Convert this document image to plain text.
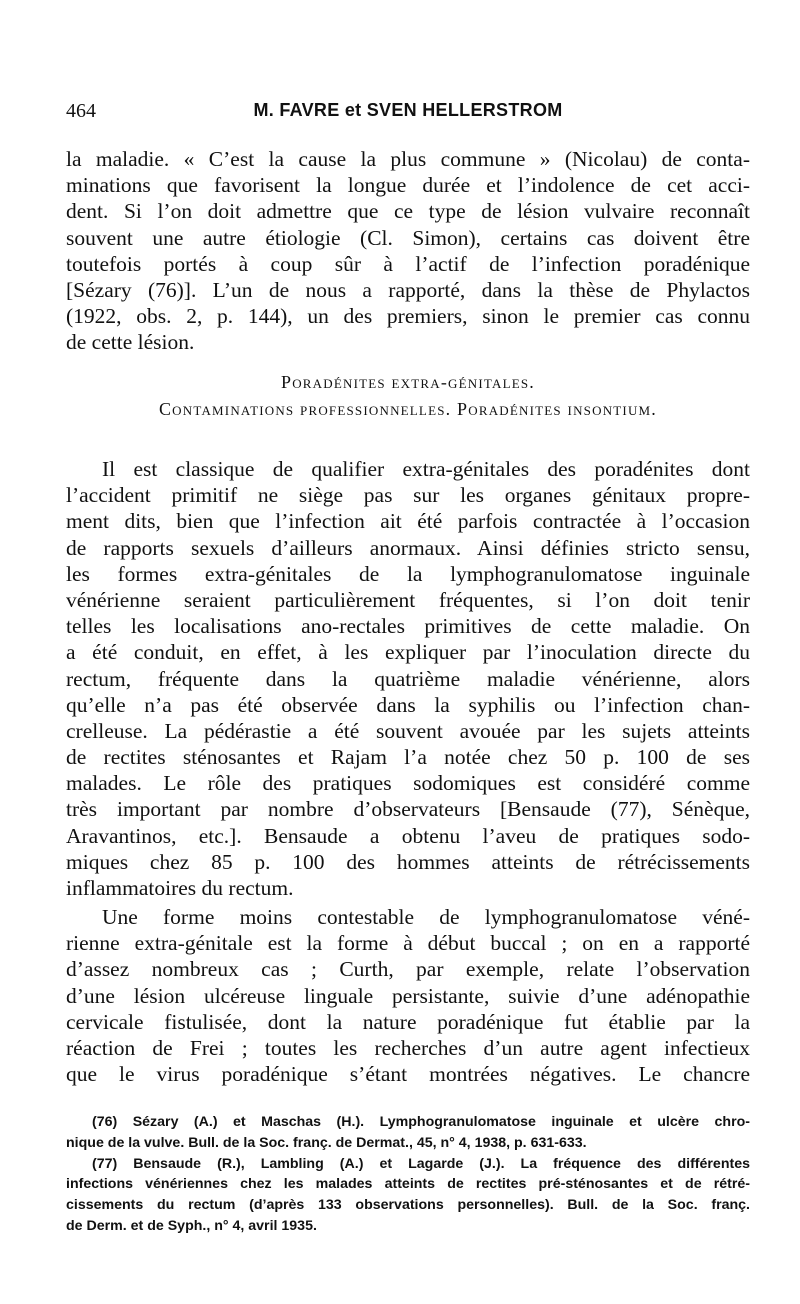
464	M. FAVRE et SVEN HELLERSTROM
la maladie. « C’est la cause la plus commune » (Nicolau) de conta-
minations que favorisent la longue durée et l’indolence de cet acci-
dent. Si l’on doit admettre que ce type de lésion vulvaire reconnaît
souvent une autre étiologie (Cl. Simon), certains cas doivent être
toutefois portés à coup sûr à l’actif de l’infection poradénique
[Sézary (76)]. L’un de nous a rapporté, dans la thèse de Phylactos
(1922, obs. 2, p. 144), un des premiers, sinon le premier cas connu
de cette lésion.
Poradénites extra-génitales.
Contaminations professionnelles. Poradénites insontium.
Il est classique de qualifier extra-génitales des poradénites dont
l’accident primitif ne siège pas sur les organes génitaux propre-
ment dits, bien que l’infection ait été parfois contractée à l’occasion
de rapports sexuels d’ailleurs anormaux. Ainsi définies stricto sensu,
les formes extra-génitales de la lymphogranulomatose inguinale
vénérienne seraient particulièrement fréquentes, si l’on doit tenir
telles les localisations ano-rectales primitives de cette maladie. On
a été conduit, en effet, à les expliquer par l’inoculation directe du
rectum, fréquente dans la quatrième maladie vénérienne, alors
qu’elle n’a pas été observée dans la syphilis ou l’infection chan-
crelleuse. La pédérastie a été souvent avouée par les sujets atteints
de rectites sténosantes et Rajam l’a notée chez 50 p. 100 de ses
malades. Le rôle des pratiques sodomiques est considéré comme
très important par nombre d’observateurs [Bensaude (77), Sénèque,
Aravantinos, etc.]. Bensaude a obtenu l’aveu de pratiques sodo-
miques chez 85 p. 100 des hommes atteints de rétrécissements
inflammatoires du rectum.
Une forme moins contestable de lymphogranulomatose véné-
rienne extra-génitale est la forme à début buccal ; on en a rapporté
d’assez nombreux cas ; Curth, par exemple, relate l’observation
d’une lésion ulcéreuse linguale persistante, suivie d’une adénopathie
cervicale fistulisée, dont la nature poradénique fut établie par la
réaction de Frei ; toutes les recherches d’un autre agent infectieux
que le virus poradénique s’étant montrées négatives. Le chancre
(76) Sézary (A.) et Maschas (H.). Lymphogranulomatose inguinale et ulcère chro-
nique de la vulve. Bull. de la Soc. franç. de Dermat., 45, n° 4, 1938, p. 631-633.
(77) Bensaude (R.), Lambling (A.) et Lagarde (J.). La fréquence des différentes
infections vénériennes chez les malades atteints de rectites pré-sténosantes et de rétré-
cissements du rectum (d’après 133 observations personnelles). Bull. de la Soc. franç.
de Derm. et de Syph., n° 4, avril 1935.
